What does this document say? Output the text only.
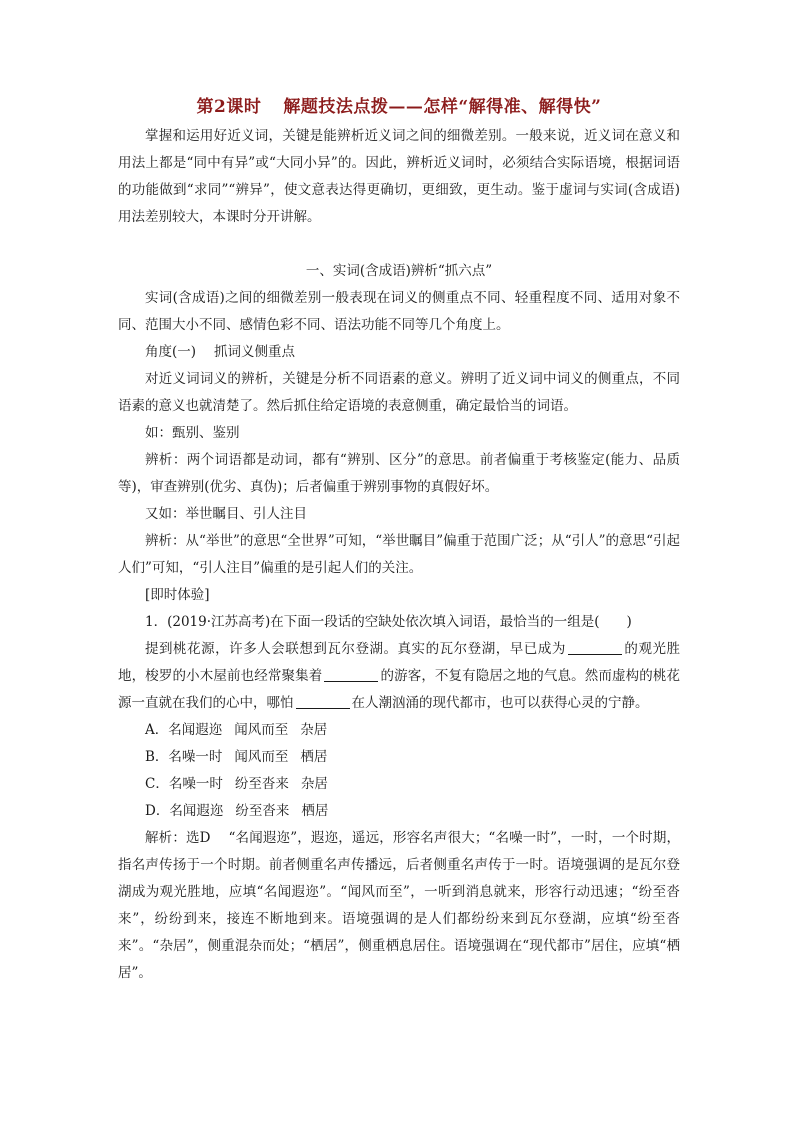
第2课时 解题技法点拨——怎样“解得准、解得快”

掌握和运用好近义词，关键是能辨析近义词之间的细微差别。一般来说，近义词在意义和用法上都是“同中有异”或“大同小异”的。因此，辨析近义词时，必须结合实际语境，根据词语的功能做到“求同”“辨异”，使文意表达得更确切，更细致，更生动。鉴于虚词与实词(含成语)用法差别较大，本课时分开讲解。

一、实词(含成语)辨析“抓六点”

实词(含成语)之间的细微差别一般表现在词义的侧重点不同、轻重程度不同、适用对象不同、范围大小不同、感情色彩不同、语法功能不同等几个角度上。

角度(一) 抓词义侧重点

对近义词词义的辨析，关键是分析不同语素的意义。辨明了近义词中词义的侧重点，不同语素的意义也就清楚了。然后抓住给定语境的表意侧重，确定最恰当的词语。

如：甄别、鉴别

辨析：两个词语都是动词，都有“辨别、区分”的意思。前者偏重于考核鉴定(能力、品质等)，审查辨别(优劣、真伪)；后者偏重于辨别事物的真假好坏。

又如：举世瞩目、引人注目

辨析：从“举世”的意思“全世界”可知，“举世瞩目”偏重于范围广泛；从“引人”的意思“引起人们”可知，“引人注目”偏重的是引起人们的关注。

[即时体验]

1．(2019·江苏高考)在下面一段话的空缺处依次填入词语，最恰当的一组是(　　)

提到桃花源，许多人会联想到瓦尔登湖。真实的瓦尔登湖，早已成为	的观光胜地，梭罗的小木屋前也经常聚集着	的游客，不复有隐居之地的气息。然而虚构的桃花源一直就在我们的心中，哪怕	在人潮汹涌的现代都市，也可以获得心灵的宁静。

A．名闻遐迩 闻风而至 杂居

B．名噪一时 闻风而至 栖居

C．名噪一时 纷至沓来 杂居

D．名闻遐迩 纷至沓来 栖居

解析：选D “名闻遐迩”，遐迩，遥远，形容名声很大；“名噪一时”，一时，一个时期，指名声传扬于一个时期。前者侧重名声传播远，后者侧重名声传于一时。语境强调的是瓦尔登湖成为观光胜地，应填“名闻遐迩”。“闻风而至”，一听到消息就来，形容行动迅速；“纷至沓来”，纷纷到来，接连不断地到来。语境强调的是人们都纷纷来到瓦尔登湖，应填“纷至沓来”。“杂居”，侧重混杂而处；“栖居”，侧重栖息居住。语境强调在“现代都市”居住，应填“栖居”。
